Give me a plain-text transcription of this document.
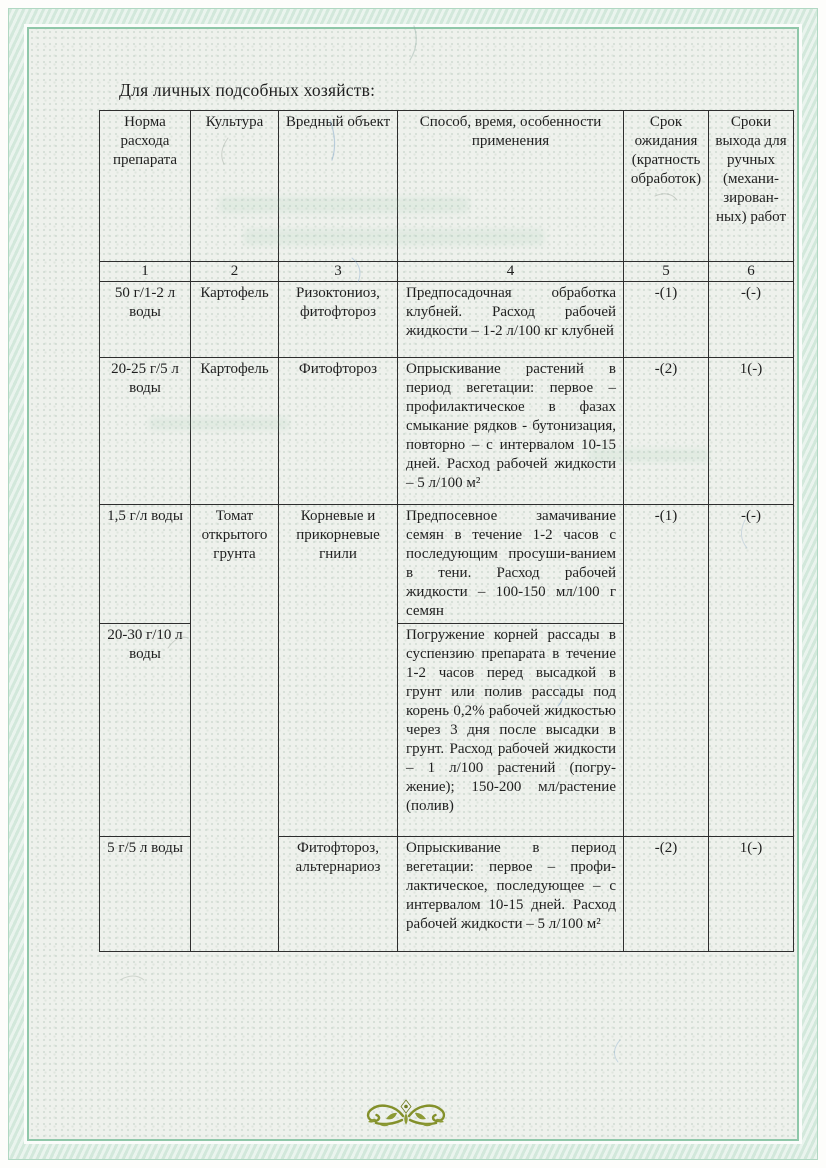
Для личных подсобных хозяйств:
Норма расхода препарата	Культура	Вредный объект	Способ, время, особенности применения	Срок ожидания (кратность обработок)	Сроки выхода для ручных (механи-зирован-ных) работ
1	2	3	4	5	6
50 г/1-2 л воды	Картофель	Ризоктониоз, фитофтороз	Предпосадочная обработка клубней. Расход рабочей жидкости – 1-2 л/100 кг клубней	-(1)	-(-)
20-25 г/5 л воды	Картофель	Фитофтороз	Опрыскивание растений в период вегетации: первое – профилактическое в фазах смыкание рядков - бутонизация, повторно – с интервалом 10-15 дней. Расход рабочей жидкости – 5 л/100 м²	-(2)	1(-)
1,5 г/л воды	Томат открытого грунта	Корневые и прикорневые гнили	Предпосевное замачивание семян в течение 1-2 часов с последующим просуши-ванием в тени. Расход рабочей жидкости – 100-150 мл/100 г семян	-(1)	-(-)
20-30 г/10 л воды			Погружение корней рассады в суспензию препарата в течение 1-2 часов перед высадкой в грунт или полив рассады под корень 0,2% рабочей жидкостью через 3 дня после высадки в грунт. Расход рабочей жидкости – 1 л/100 растений (погру-жение); 150-200 мл/растение (полив)		
5 г/5 л воды		Фитофтороз, альтернариоз	Опрыскивание в период вегетации: первое – профи-лактическое, последующее – с интервалом 10-15 дней. Расход рабочей жидкости – 5 л/100 м²	-(2)	1(-)
